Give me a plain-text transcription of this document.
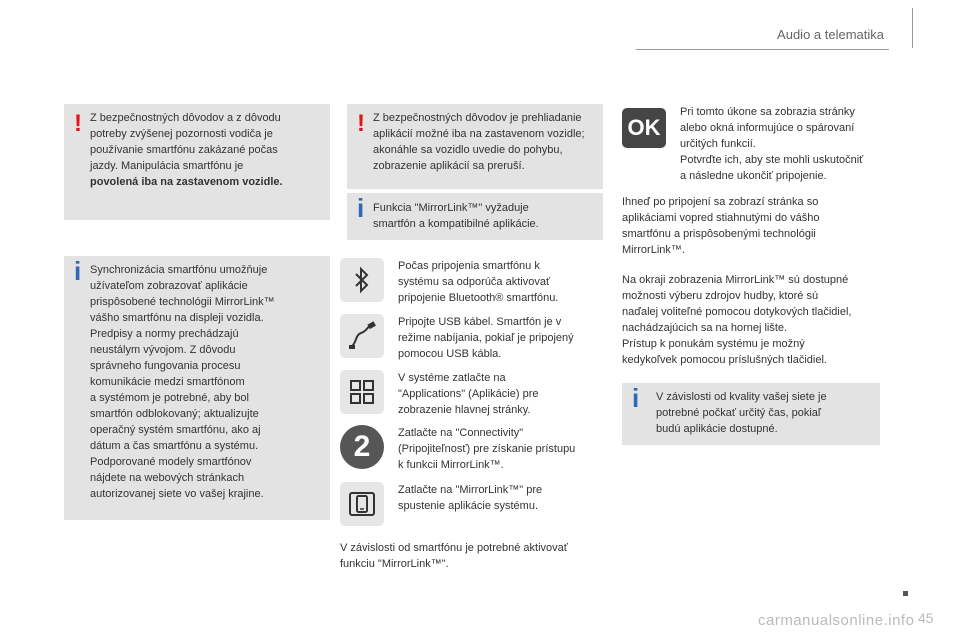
Audio a telematika
! Z bezpečnostných dôvodov a z dôvodu

potreby zvýšenej pozornosti vodiča je

používanie smartfónu zakázané počas

jazdy. Manipulácia smartfónu je

povolená iba na zastavenom vozidle.

i Synchronizácia smartfónu umožňuje

užívateľom zobrazovať aplikácie

prispôsobené technológii MirrorLink™

vášho smartfónu na displeji vozidla.

Predpisy a normy prechádzajú

neustálym vývojom. Z dôvodu

správneho fungovania procesu

komunikácie medzi smartfónom

a systémom je potrebné, aby bol

smartfón odblokovaný; aktualizujte

operačný systém smartfónu, ako aj

dátum a čas smartfónu a systému.

Podporované modely smartfónov

nájdete na webových stránkach

autorizovanej siete vo vašej krajine.

! Z bezpečnostných dôvodov je prehliadanie

aplikácií možné iba na zastavenom vozidle;

akonáhle sa vozidlo uvedie do pohybu,

zobrazenie aplikácií sa preruší.

i Funkcia "MirrorLink™" vyžaduje

smartfón a kompatibilné aplikácie.

Počas pripojenia smartfónu k
systému sa odporúča aktivovať
pripojenie Bluetooth® smartfónu.
Pripojte USB kábel. Smartfón je v
režime nabíjania, pokiaľ je pripojený
pomocou USB kábla.
V systéme zatlačte na
"Applications" (Aplikácie) pre
zobrazenie hlavnej stránky.
2	Zatlačte na "Connectivity"
(Pripojiteľnosť) pre získanie prístupu
k funkcii MirrorLink™.
Zatlačte na "MirrorLink™" pre
spustenie aplikácie systému.
V závislosti od smartfónu je potrebné aktivovať
funkciu "MirrorLink™".
OK
Pri tomto úkone sa zobrazia stránky
alebo okná informujúce o spárovaní
určitých funkcií.
Potvrďte ich, aby ste mohli uskutočniť
a následne ukončiť pripojenie.
Ihneď po pripojení sa zobrazí stránka so
aplikáciami vopred stiahnutými do vášho
smartfónu a prispôsobenými technológii
MirrorLink™.
Na okraji zobrazenia MirrorLink™ sú dostupné
možnosti výberu zdrojov hudby, ktoré sú
naďalej voliteľné pomocou dotykových tlačidiel,
nachádzajúcich sa na hornej lište.
Prístup k ponukám systému je možný
kedykoľvek pomocou príslušných tlačidiel.
i V závislosti od kvality vašej siete je

potrebné počkať určitý čas, pokiaľ

budú aplikácie dostupné.

45
carmanualsonline.info
